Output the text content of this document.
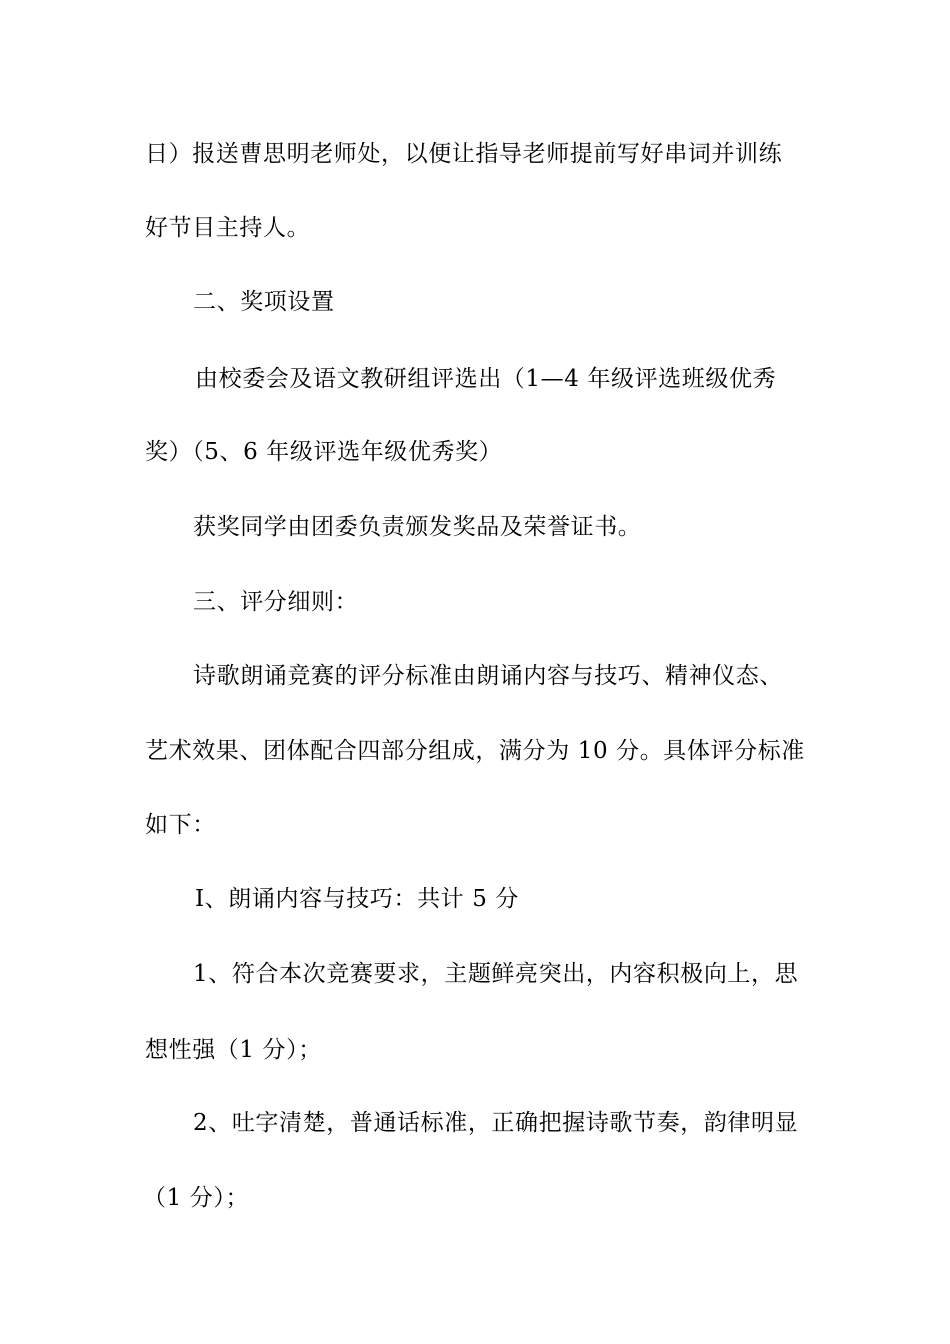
日）报送曹思明老师处，以便让指导老师提前写好串词并训练
好节目主持人。
二、奖项设置
由校委会及语文教研组评选出（1—4 年级评选班级优秀
奖）（5、6 年级评选年级优秀奖）
获奖同学由团委负责颁发奖品及荣誉证书。
三、评分细则：
诗歌朗诵竞赛的评分标准由朗诵内容与技巧、精神仪态、
艺术效果、团体配合四部分组成，满分为 10 分。具体评分标准
如下：
Ⅰ、朗诵内容与技巧：共计 5 分
1、符合本次竞赛要求，主题鲜亮突出，内容积极向上，思
想性强（1 分）；
2、吐字清楚，普通话标准，正确把握诗歌节奏，韵律明显
（1 分）；
